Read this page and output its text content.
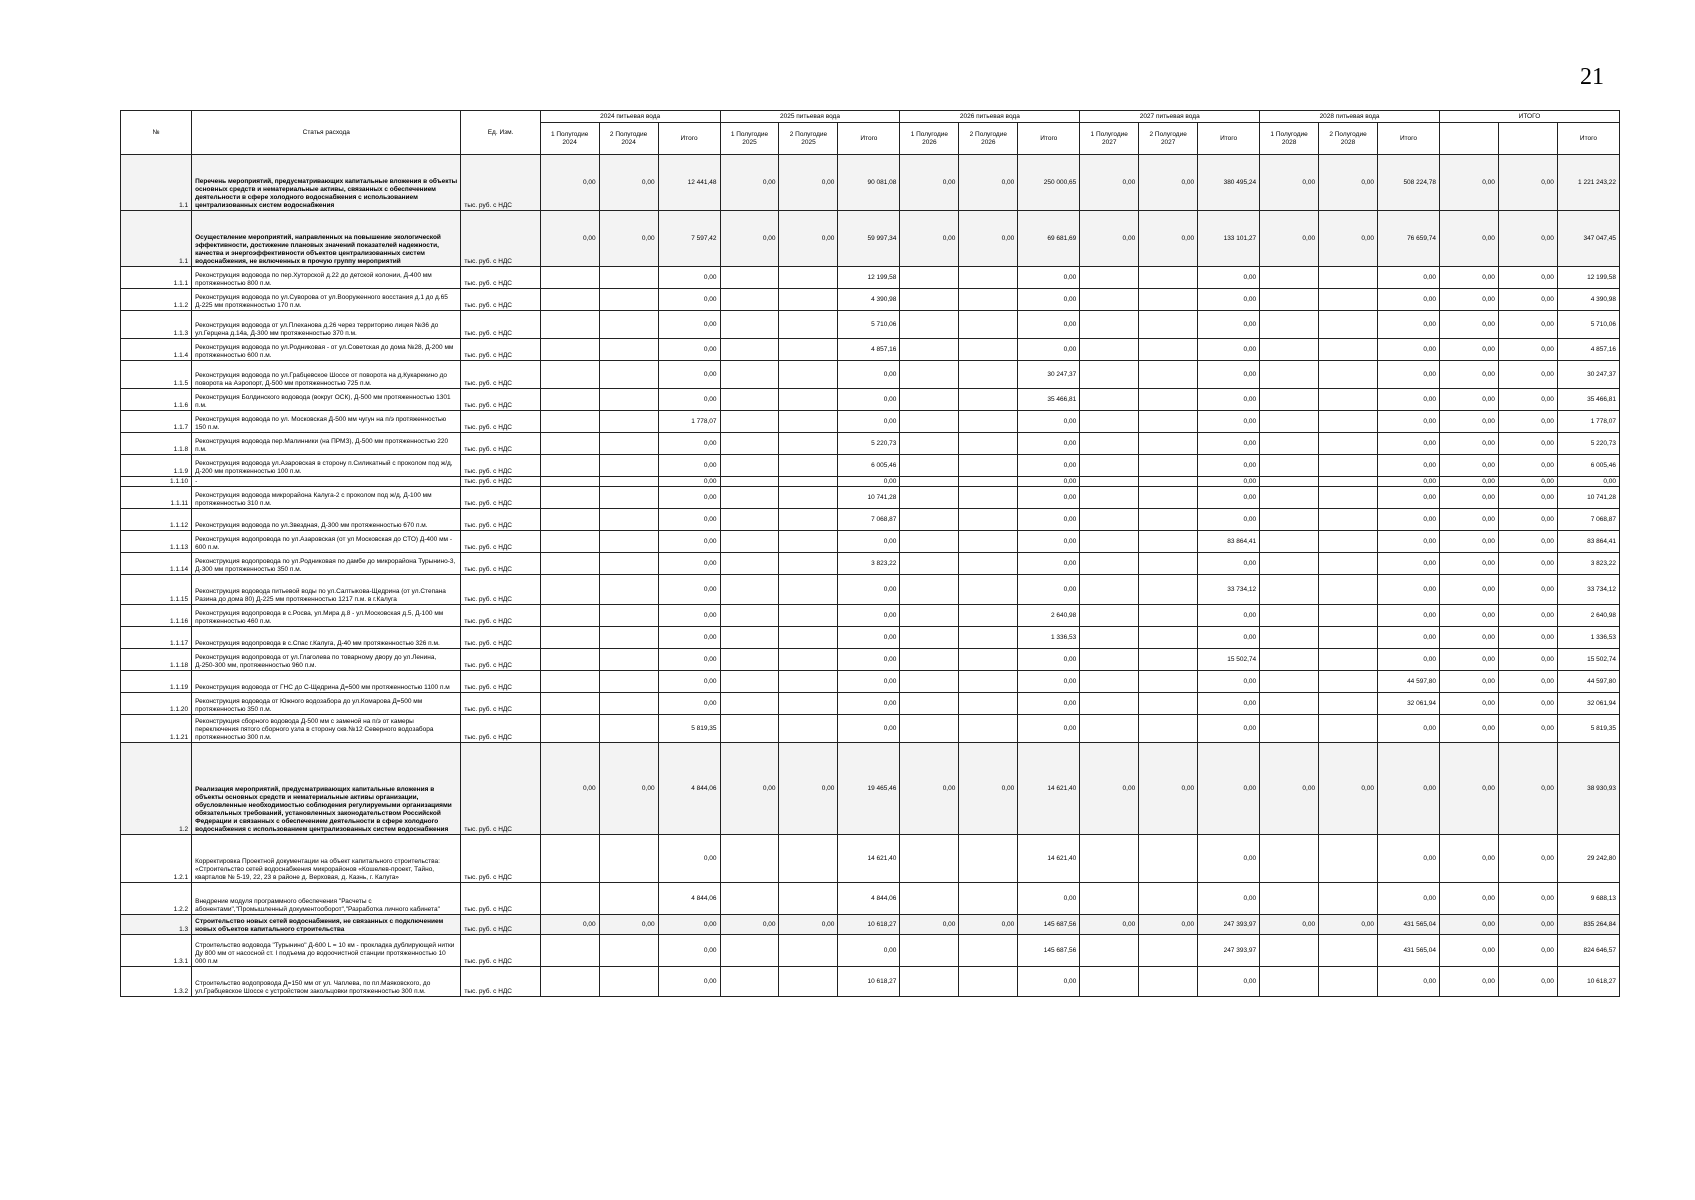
21
№	Статья расхода	Ед. Изм.	2024 питьевая вода			2025 питьевая вода			2026 питьевая вода			2027 питьевая вода			2028 питьевая вода			ИТОГО		
			1 Полугодие 2024	2 Полугодие 2024	Итого	1 Полугодие 2025	2 Полугодие 2025	Итого	1 Полугодие 2026	2 Полугодие 2026	Итого	1 Полугодие 2027	2 Полугодие 2027	Итого	1 Полугодие 2028	2 Полугодие 2028	Итого			Итого
1.1	Перечень мероприятий, предусматривающих капитальные вложения в объекты основных средств и нематериальные активы, связанных с обеспечением деятельности в сфере холодного водоснабжения с использованием централизованных систем водоснабжения	тыс. руб. с НДС	0,00	0,00	12 441,48	0,00	0,00	90 081,08	0,00	0,00	250 000,65	0,00	0,00	380 495,24	0,00	0,00	508 224,78	0,00	0,00	1 221 243,22
1.1	Осуществление мероприятий, направленных на повышение экологической эффективности, достижение плановых значений показателей надежности, качества и энергоэффективности объектов централизованных систем водоснабжения, не включенных в прочую группу мероприятий	тыс. руб. с НДС	0,00	0,00	7 597,42	0,00	0,00	59 997,34	0,00	0,00	69 681,69	0,00	0,00	133 101,27	0,00	0,00	76 659,74	0,00	0,00	347 047,45
1.1.1	Реконструкция водовода по пер.Хуторской д.22 до детской колонии, Д-400 мм протяженностью 800 п.м.	тыс. руб. с НДС			0,00			12 199,58			0,00			0,00			0,00	0,00	0,00	12 199,58
1.1.2	Реконструкция водовода по ул.Суворова от ул.Вооруженного восстания д.1 до д.65 Д-225 мм протяженностью 170 п.м.	тыс. руб. с НДС			0,00			4 390,98			0,00			0,00			0,00	0,00	0,00	4 390,98
1.1.3	Реконструкция водовода от ул.Плеханова д.26 через территорию лицея №36 до ул.Герцена д.14а, Д-300 мм протяженностью 370 п.м.	тыс. руб. с НДС			0,00			5 710,06			0,00			0,00			0,00	0,00	0,00	5 710,06
1.1.4	Реконструкция водовода по ул.Родниковая - от ул.Советская до дома №28, Д-200 мм протяженностью 600 п.м.	тыс. руб. с НДС			0,00			4 857,16			0,00			0,00			0,00	0,00	0,00	4 857,16
1.1.5	Реконструкция водовода по ул.Грабцевское Шоссе от поворота на д.Кукарекино до поворота на Аэропорт, Д-500 мм протяженностью 725 п.м.	тыс. руб. с НДС			0,00			0,00			30 247,37			0,00			0,00	0,00	0,00	30 247,37
1.1.6	Реконструкция Болдинского водовода (вокруг ОСК), Д-500 мм протяженностью 1301 п.м.	тыс. руб. с НДС			0,00			0,00			35 466,81			0,00			0,00	0,00	0,00	35 466,81
1.1.7	Реконструкция водовода по ул. Московская Д-500 мм чугун на п/э протяженностью 150 п.м.	тыс. руб. с НДС			1 778,07			0,00			0,00			0,00			0,00	0,00	0,00	1 778,07
1.1.8	Реконструкция водовода пер.Малинники (на ПРМЗ), Д-500 мм протяженностью 220 п.м.	тыс. руб. с НДС			0,00			5 220,73			0,00			0,00			0,00	0,00	0,00	5 220,73
1.1.9	Реконструкция водовода ул.Азаровская в сторону п.Силикатный с проколом под ж/д, Д-200 мм протяженностью 100 п.м.	тыс. руб. с НДС			0,00			6 005,46			0,00			0,00			0,00	0,00	0,00	6 005,46
1.1.10	-	тыс. руб. с НДС			0,00			0,00			0,00			0,00			0,00	0,00	0,00	0,00
1.1.11	Реконструкция водовода микрорайона Калуга-2 с проколом под ж/д, Д-100 мм протяженностью 310 п.м.	тыс. руб. с НДС			0,00			10 741,28			0,00			0,00			0,00	0,00	0,00	10 741,28
1.1.12	Реконструкция водовода по ул.Звездная, Д-300 мм протяженностью 670 п.м.	тыс. руб. с НДС			0,00			7 068,87			0,00			0,00			0,00	0,00	0,00	7 068,87
1.1.13	Реконструкция водопровода по ул.Азаровская (от ул Московская до СТО) Д-400 мм - 600 п.м.	тыс. руб. с НДС			0,00			0,00			0,00			83 864,41			0,00	0,00	0,00	83 864,41
1.1.14	Реконструкция водопровода по ул.Родниковая по дамбе до микрорайона Турынино-3, Д-300 мм протяженностью 350 п.м.	тыс. руб. с НДС			0,00			3 823,22			0,00			0,00			0,00	0,00	0,00	3 823,22
1.1.15	Реконструкция водовода питьевой воды по ул.Салтыкова-Щедрина (от ул.Степана Разина до дома 80) Д-225 мм протяженностью 1217 п.м. в г.Калуга	тыс. руб. с НДС			0,00			0,00			0,00			33 734,12			0,00	0,00	0,00	33 734,12
1.1.16	Реконструкция водопровода в с.Росва, ул.Мира д.8 - ул.Московская д.5, Д-100 мм протяженностью 460 п.м.	тыс. руб. с НДС			0,00			0,00			2 640,98			0,00			0,00	0,00	0,00	2 640,98
1.1.17	Реконструкция водопровода в с.Спас г.Калуга, Д-40 мм протяженностью 326 п.м.	тыс. руб. с НДС			0,00			0,00			1 336,53			0,00			0,00	0,00	0,00	1 336,53
1.1.18	Реконструкция водопровода от ул.Глаголева по товарному двору до ул.Ленина, Д-250-300 мм, протяженностью 960 п.м.	тыс. руб. с НДС			0,00			0,00			0,00			15 502,74			0,00	0,00	0,00	15 502,74
1.1.19	Реконструкция водовода от ГНС до С-Щедрина Д=500 мм протяженностью 1100 п.м	тыс. руб. с НДС			0,00			0,00			0,00			0,00			44 597,80	0,00	0,00	44 597,80
1.1.20	Реконструкция водовода от Южного водозабора до ул.Комарова Д=500 мм протяженностью 350 п.м.	тыс. руб. с НДС			0,00			0,00			0,00			0,00			32 061,94	0,00	0,00	32 061,94
1.1.21	Реконструкция сборного водовода Д-500 мм с заменой на п/э от камеры переключения пятого сборного узла в сторону скв.№12 Северного водозабора протяженностью 300 п.м.	тыс. руб. с НДС			5 819,35			0,00			0,00			0,00			0,00	0,00	0,00	5 819,35
1.2	Реализация мероприятий, предусматривающих капитальные вложения в объекты основных средств и нематериальные активы организации, обусловленные необходимостью соблюдения регулируемыми организациями обязательных требований, установленных законодательством Российской Федерации и связанных с обеспечением деятельности в сфере холодного водоснабжения с использованием централизованных систем водоснабжения	тыс. руб. с НДС	0,00	0,00	4 844,06	0,00	0,00	19 465,46	0,00	0,00	14 621,40	0,00	0,00	0,00	0,00	0,00	0,00	0,00	0,00	38 930,93
1.2.1	Корректировка Проектной документации на объект капитального строительства: «Строительство сетей водоснабжения микрорайонов «Кошелев-проект, Тайно, кварталов № 5-19, 22, 23 в районе д. Верховая, д. Казнь, г. Калуга»	тыс. руб. с НДС			0,00			14 621,40			14 621,40			0,00			0,00	0,00	0,00	29 242,80
1.2.2	Внедрение модуля программного обеспечения "Расчеты с абонентами","Промышленный документооборот","Разработка личного кабинета"	тыс. руб. с НДС			4 844,06			4 844,06			0,00			0,00			0,00	0,00	0,00	9 688,13
1.3	Строительство новых сетей водоснабжения, не связанных с подключением новых объектов капитального строительства	тыс. руб. с НДС	0,00	0,00	0,00	0,00	0,00	10 618,27	0,00	0,00	145 687,56	0,00	0,00	247 393,97	0,00	0,00	431 565,04	0,00	0,00	835 264,84
1.3.1	Строительство водовода "Турынино" Д-600 L = 10 км - прокладка дублирующей нитки Ду 800 мм от насосной ст. I подъема до водоочистной станции протяженностью 10 000 п.м	тыс. руб. с НДС			0,00			0,00			145 687,56			247 393,97			431 565,04	0,00	0,00	824 646,57
1.3.2	Строительство водопровода Д=150 мм от ул. Чаплева, по пл.Маяковского, до ул.Грабцевское Шоссе с устройством закольцовки протяженностью 300 п.м.	тыс. руб. с НДС			0,00			10 618,27			0,00			0,00			0,00	0,00	0,00	10 618,27
